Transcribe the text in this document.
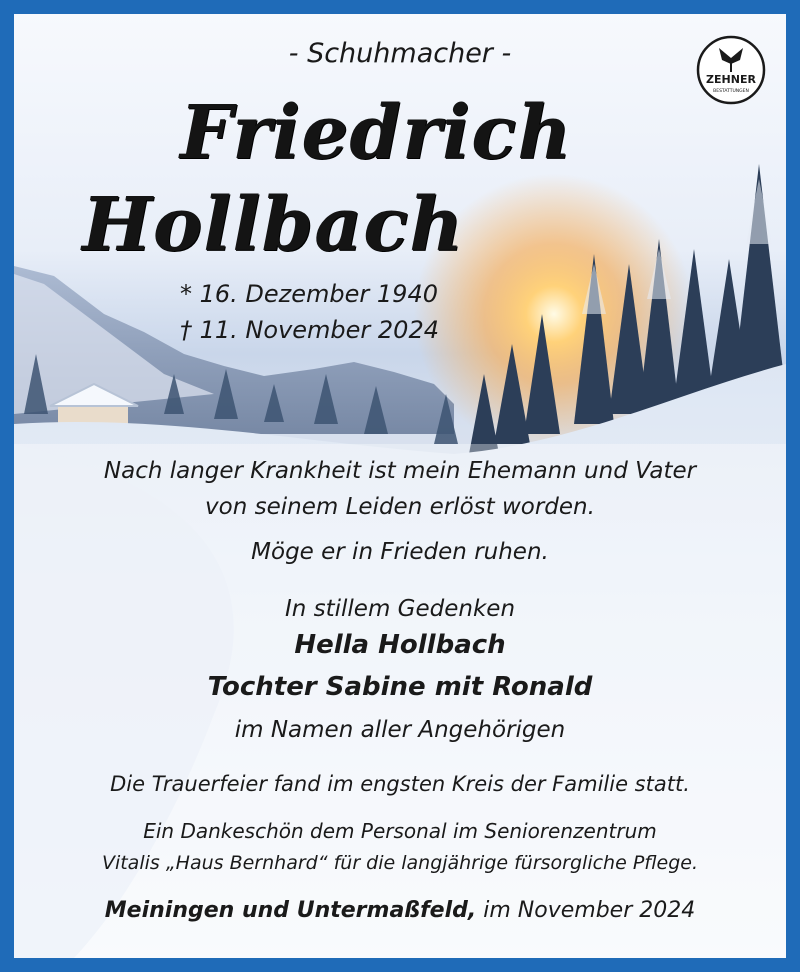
- Schuhmacher -
Friedrich
Hollbach
* 16. Dezember 1940
† 11. November 2024
ZEHNER
BESTATTUNGEN
Nach langer Krankheit ist mein Ehemann und Vater
von seinem Leiden erlöst worden.
Möge er in Frieden ruhen.
In stillem Gedenken
Hella Hollbach
Tochter Sabine mit Ronald
im Namen aller Angehörigen
Die Trauerfeier fand im engsten Kreis der Familie statt.
Ein Dankeschön dem Personal im Seniorenzentrum
Vitalis „Haus Bernhard“ für die langjährige fürsorgliche Pflege.
Meiningen und Untermaßfeld, im November 2024
